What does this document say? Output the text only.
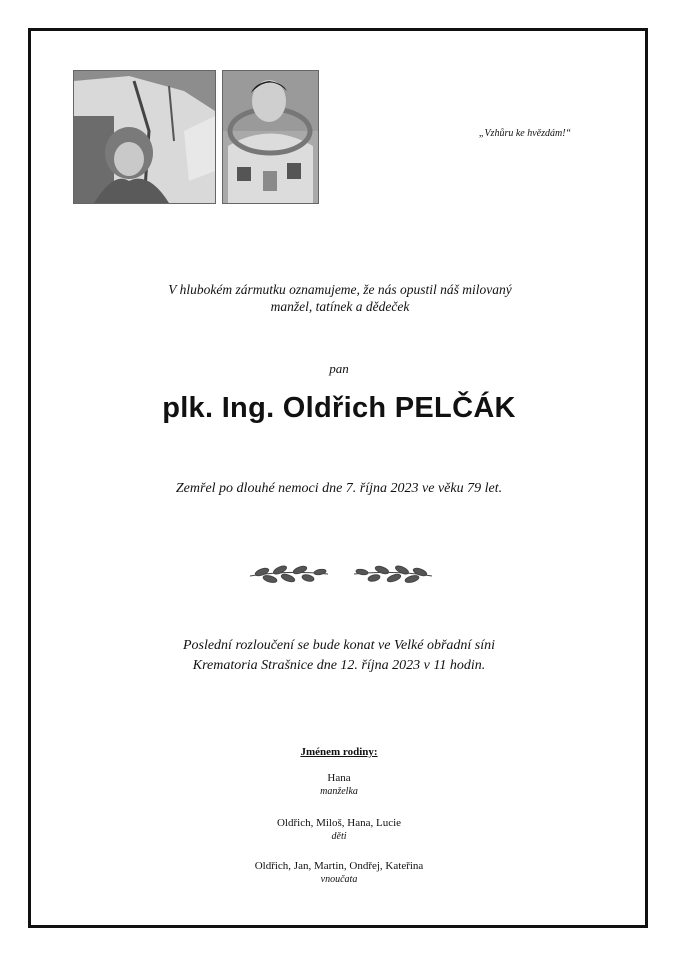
„Vzhůru ke hvězdám!“
V hlubokém zármutku oznamujeme, že nás opustil náš milovaný
manžel, tatínek a dědeček
pan
plk. Ing. Oldřich PELČÁK
Zemřel po dlouhé nemoci dne 7. října 2023 ve věku 79 let.
Poslední rozloučení se bude konat ve Velké obřadní síni
Krematoria Strašnice dne 12. října 2023 v 11 hodin.
Jménem rodiny:
Hana
manželka
Oldřich, Miloš, Hana, Lucie
děti
Oldřich, Jan, Martin, Ondřej, Kateřina
vnoučata
